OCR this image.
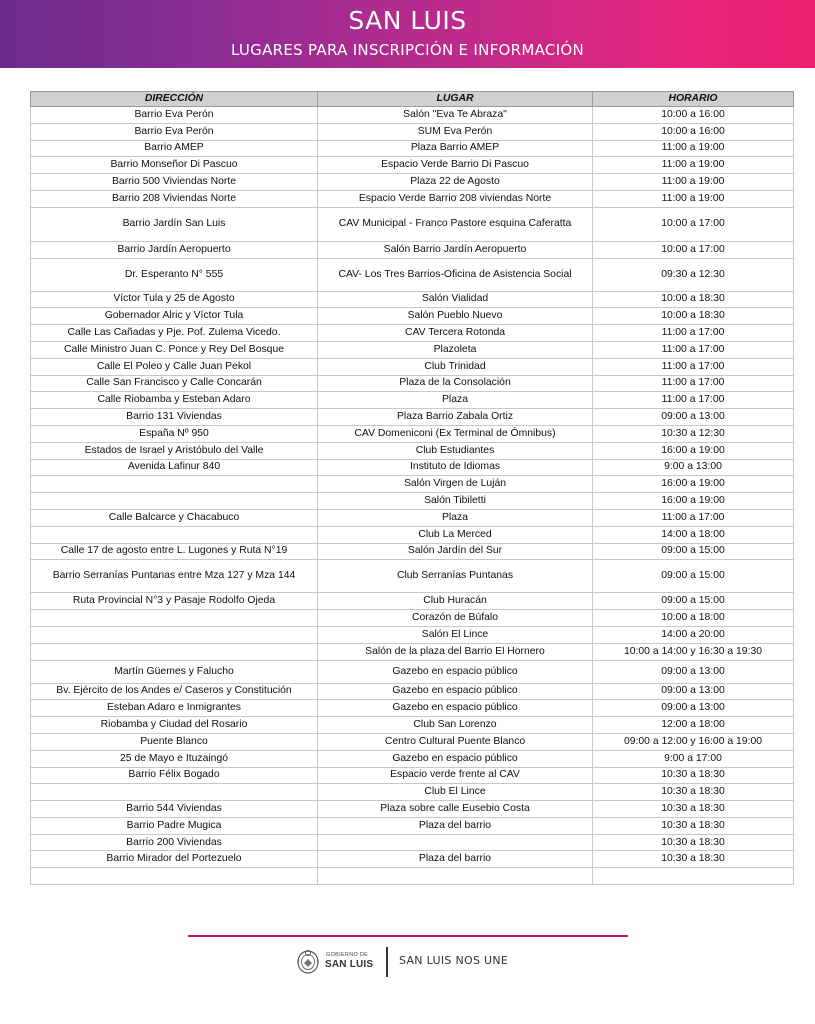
SAN LUIS
LUGARES PARA INSCRIPCIÓN E INFORMACIÓN
DIRECCIÓN	LUGAR	HORARIO
Barrio Eva Perón	Salón "Eva Te Abraza"	10:00 a 16:00
Barrio Eva Perón	SUM Eva Perón	10:00 a 16:00
Barrio AMEP	Plaza Barrio AMEP	11:00 a 19:00
Barrio Monseñor Di Pascuo	Espacio Verde Barrio Di Pascuo	11:00 a 19:00
Barrio 500 Viviendas Norte	Plaza 22 de Agosto	11:00 a 19:00
Barrio 208 Viviendas Norte	Espacio Verde Barrio 208 viviendas Norte	11:00 a 19:00
Barrio Jardín San Luis	CAV Municipal - Franco Pastore esquina Caferatta	10:00 a 17:00
Barrio Jardín Aeropuerto	Salón Barrio Jardín Aeropuerto	10:00 a 17:00
Dr. Esperanto N° 555	CAV- Los Tres Barrios-Oficina de Asistencia Social	09:30 a 12:30
Víctor Tula y 25 de Agosto	Salón Vialidad	10:00 a 18:30
Gobernador Alric y Víctor Tula	Salón Pueblo Nuevo	10:00 a 18:30
Calle Las Cañadas y Pje. Pof. Zulema Vicedo.	CAV Tercera Rotonda	11:00 a 17:00
Calle Ministro Juan C. Ponce y Rey Del Bosque	Plazoleta	11:00 a 17:00
Calle El Poleo y Calle Juan Pekol	Club Trinidad	11:00 a 17:00
Calle San Francisco y Calle Concarán	Plaza de la Consolación	11:00 a 17:00
Calle Riobamba y Esteban Adaro	Plaza	11:00 a 17:00
Barrio 131 Viviendas	Plaza Barrio Zabala Ortiz	09:00 a 13:00
España Nº 950	CAV Domeniconi (Ex Terminal de Ómnibus)	10:30 a 12:30
Estados de Israel y Aristóbulo del Valle	Club Estudiantes	16:00 a 19:00
Avenida Lafinur 840	Instituto de Idiomas	9:00 a 13:00
	Salón Virgen de Luján	16:00 a 19:00
	Salón Tibiletti	16:00 a 19:00
Calle Balcarce y Chacabuco	Plaza	11:00 a 17:00
	Club La Merced	14:00 a 18:00
Calle 17 de agosto entre L. Lugones y Ruta N°19	Salón Jardín del Sur	09:00 a 15:00
Barrio Serranías Puntanas entre Mza 127 y Mza 144	Club Serranías Puntanas	09:00 a 15:00
Ruta Provincial N°3 y Pasaje Rodolfo Ojeda	Club Huracán	09:00 a 15:00
	Corazón de Búfalo	10:00 a 18:00
	Salón El Lince	14:00 a 20:00
	Salón de la plaza del Barrio El Hornero	10:00 a 14:00 y 16:30 a 19:30
Martín Güemes y Falucho	Gazebo en espacio público	09:00 a 13:00
Bv. Ejército de los Andes e/ Caseros y Constitución	Gazebo en espacio público	09:00 a 13:00
Esteban Adaro e Inmigrantes	Gazebo en espacio público	09:00 a 13:00
Riobamba y Ciudad del Rosario	Club San Lorenzo	12:00 a 18:00
Puente Blanco	Centro Cultural Puente Blanco	09:00 a 12:00 y 16:00 a 19:00
25 de Mayo e Ituzaingó	Gazebo en espacio público	9:00 a 17:00
Barrio Félix Bogado	Espacio verde frente al CAV	10:30 a 18:30
	Club El Lince	10:30 a 18:30
Barrio 544 Viviendas	Plaza sobre calle Eusebio Costa	10:30 a 18:30
Barrio Padre Mugica	Plaza del barrio	10:30 a 18:30
Barrio 200 Viviendas		10:30 a 18:30
Barrio Mirador del Portezuelo	Plaza del barrio	10:30 a 18:30

GOBIERNO DE
SAN LUIS SAN LUIS NOS UNE
